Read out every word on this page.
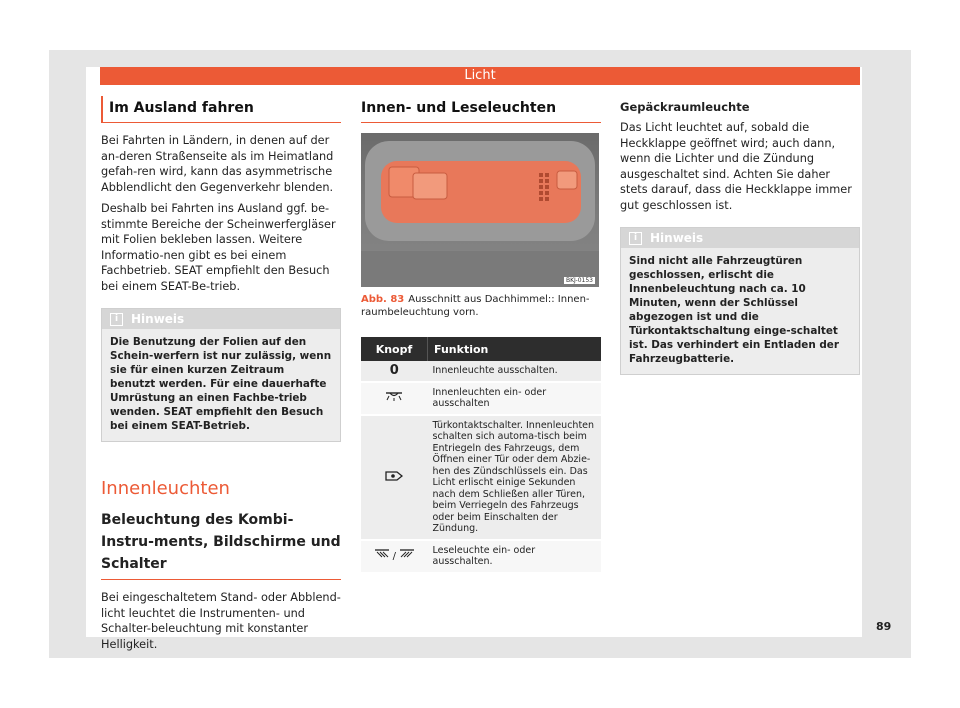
Licht
Im Ausland fahren

Bei Fahrten in Ländern, in denen auf der an-deren Straßenseite als im Heimatland gefah-ren wird, kann das asymmetrische Abblendlicht den Gegenverkehr blenden.

Deshalb bei Fahrten ins Ausland ggf. be-stimmte Bereiche der Scheinwerfergläser mit Folien bekleben lassen. Weitere Informatio-nen gibt es bei einem Fachbetrieb. SEAT empfiehlt den Besuch bei einem SEAT-Be-trieb.

i Hinweis
Die Benutzung der Folien auf den Schein-werfern ist nur zulässig, wenn sie für einen kurzen Zeitraum benutzt werden. Für eine dauerhafte Umrüstung an einen Fachbe-trieb wenden. SEAT empfiehlt den Besuch bei einem SEAT-Betrieb.
Innenleuchten
Beleuchtung des Kombi-Instru-ments, Bildschirme und Schalter

Bei eingeschaltetem Stand- oder Abblend-licht leuchtet die Instrumenten- und Schalter-beleuchtung mit konstanter Helligkeit.

Innen- und Leseleuchten
BKJ-0153
Abb. 83 Ausschnitt aus Dachhimmel:: Innen-raumbeleuchtung vorn.
Knopf	Funktion
0	Innenleuchte ausschalten.
	Innenleuchten ein- oder ausschalten
	Türkontaktschalter. Innenleuchten schalten sich automa-tisch beim Entriegeln des Fahrzeugs, dem Öffnen einer Tür oder dem Abzie-hen des Zündschlüssels ein. Das Licht erlischt einige Sekunden nach dem Schließen aller Türen, beim Verriegeln des Fahrzeugs oder beim Einschalten der Zündung.
/	Leseleuchte ein- oder ausschalten.
Gepäckraumleuchte

Das Licht leuchtet auf, sobald die Heckklappe geöffnet wird; auch dann, wenn die Lichter und die Zündung ausgeschaltet sind. Achten Sie daher stets darauf, dass die Heckklappe immer gut geschlossen ist.

i Hinweis
Sind nicht alle Fahrzeugtüren geschlossen, erlischt die Innenbeleuchtung nach ca. 10 Minuten, wenn der Schlüssel abgezogen ist und die Türkontaktschaltung einge-schaltet ist. Das verhindert ein Entladen der Fahrzeugbatterie.
89
